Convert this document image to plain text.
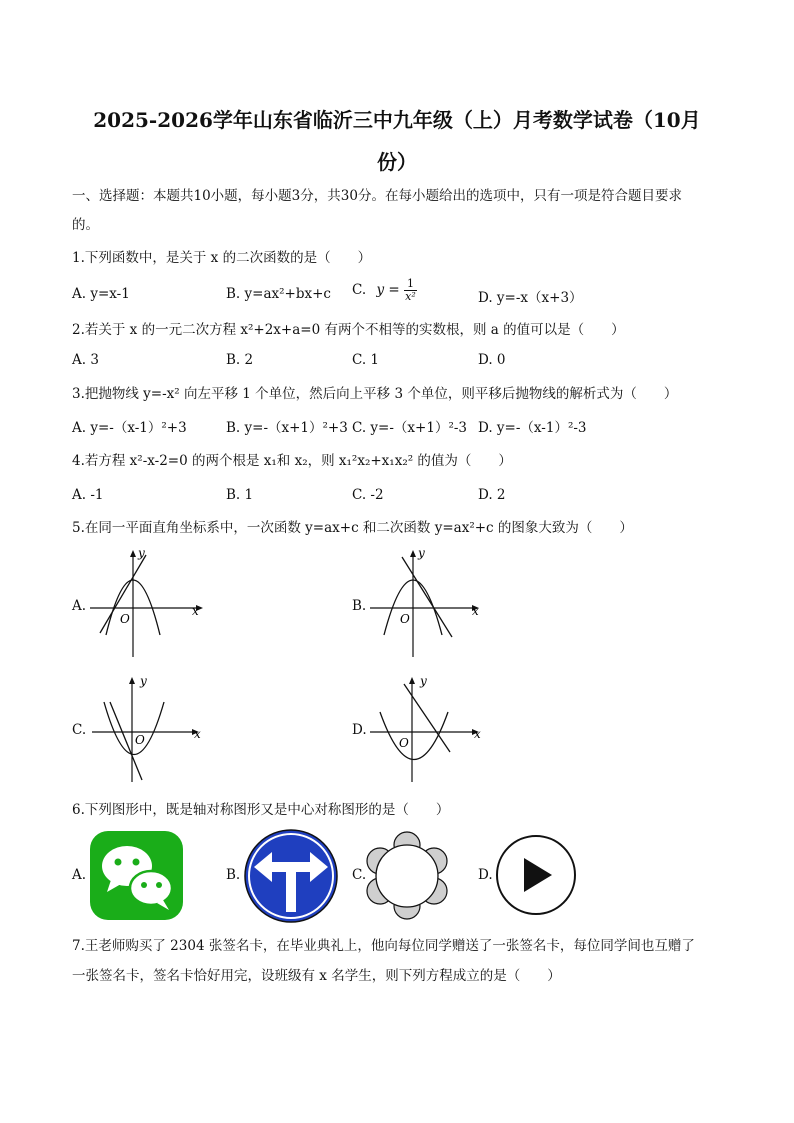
2025-2026学年山东省临沂三中九年级（上）月考数学试卷（10月
份）
一、选择题：本题共10小题，每小题3分，共30分。在每小题给出的选项中，只有一项是符合题目要求
的。
1.下列函数中，是关于 x 的二次函数的是（　　）
A. y=x-1	B. y=ax²+bx+c C. $y = \frac{1}{\text{x²}}$	D. y=-x（x+3）
2.若关于 x 的一元二次方程 x²+2x+a=0 有两个不相等的实数根，则 a 的值可以是（　　）
A. 3	B. 2	C. 1	D. 0
3.把抛物线 y=-x² 向左平移 1 个单位，然后向上平移 3 个单位，则平移后抛物线的解析式为（　　）
A. y=-（x-1）²+3	B. y=-（x+1）²+3 C. y=-（x+1）²-3 D. y=-（x-1）²-3
4.若方程 x²-x-2=0 的两个根是 x₁和 x₂，则 x₁²x₂+x₁x₂² 的值为（　　）
A. -1	B. 1	C. -2	D. 2
5.在同一平面直角坐标系中，一次函数 y=ax+c 和二次函数 y=ax²+c 的图象大致为（　　）
A.	x
y
O
B.	x
y
O
C.	x
y
O
D.	x
y
O
6.下列图形中，既是轴对称图形又是中心对称图形的是（　　）
A.	B.	C.	D.
7.王老师购买了 2304 张签名卡，在毕业典礼上，他向每位同学赠送了一张签名卡，每位同学间也互赠了
一张签名卡，签名卡恰好用完，设班级有 x 名学生，则下列方程成立的是（　　）
